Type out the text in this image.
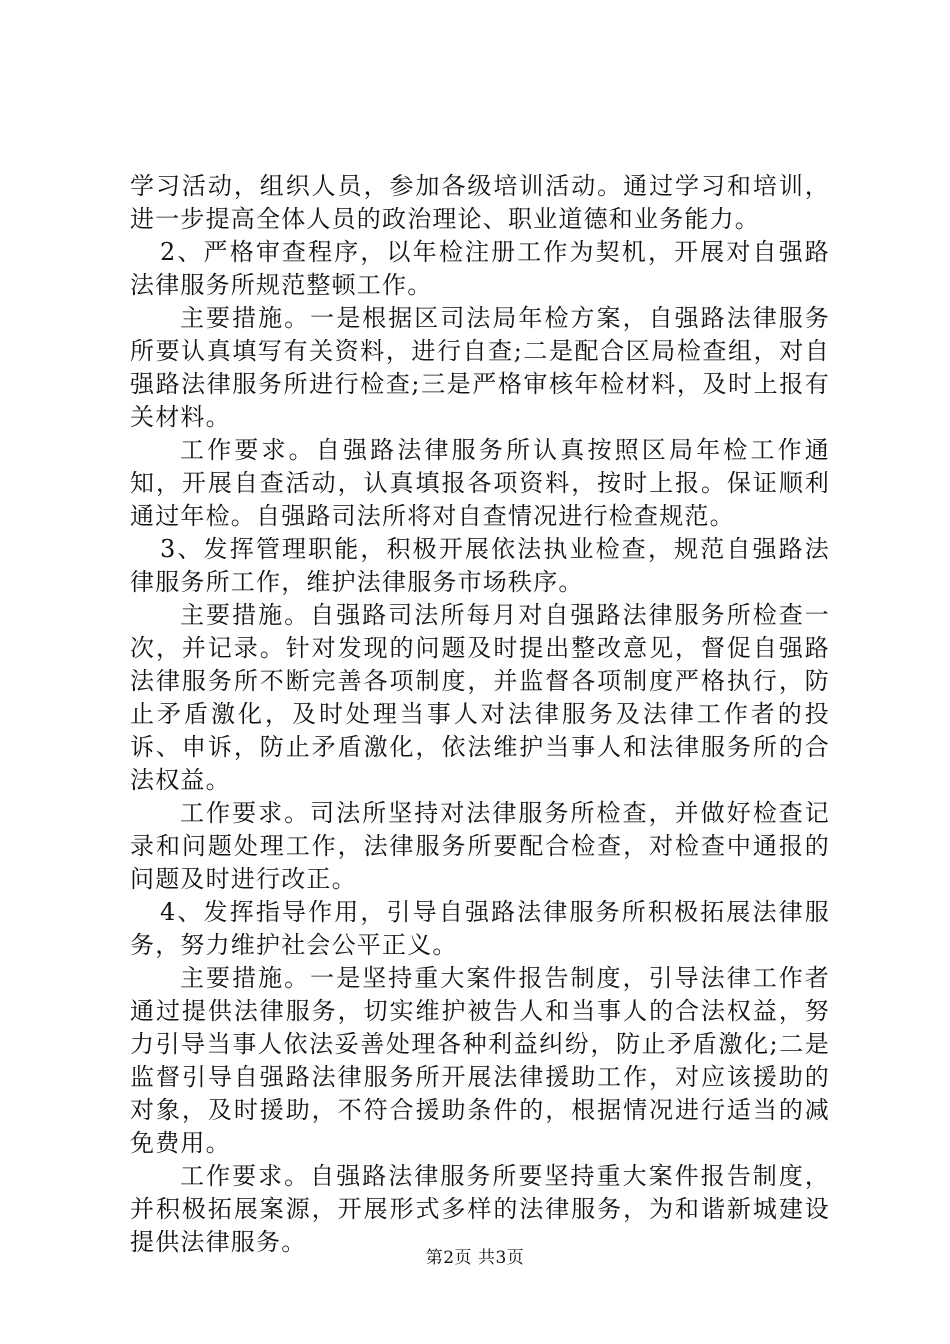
学习活动，组织人员，参加各级培训活动。通过学习和培训，进一步提高全体人员的政治理论、职业道德和业务能力。

2、严格审查程序，以年检注册工作为契机，开展对自强路法律服务所规范整顿工作。

主要措施。一是根据区司法局年检方案，自强路法律服务所要认真填写有关资料，进行自查;二是配合区局检查组，对自强路法律服务所进行检查;三是严格审核年检材料，及时上报有关材料。

工作要求。自强路法律服务所认真按照区局年检工作通知，开展自查活动，认真填报各项资料，按时上报。保证顺利通过年检。自强路司法所将对自查情况进行检查规范。

3、发挥管理职能，积极开展依法执业检查，规范自强路法律服务所工作，维护法律服务市场秩序。

主要措施。自强路司法所每月对自强路法律服务所检查一次，并记录。针对发现的问题及时提出整改意见，督促自强路法律服务所不断完善各项制度，并监督各项制度严格执行，防止矛盾激化，及时处理当事人对法律服务及法律工作者的投诉、申诉，防止矛盾激化，依法维护当事人和法律服务所的合法权益。

工作要求。司法所坚持对法律服务所检查，并做好检查记录和问题处理工作，法律服务所要配合检查，对检查中通报的问题及时进行改正。

4、发挥指导作用，引导自强路法律服务所积极拓展法律服务，努力维护社会公平正义。

主要措施。一是坚持重大案件报告制度，引导法律工作者通过提供法律服务，切实维护被告人和当事人的合法权益，努力引导当事人依法妥善处理各种利益纠纷，防止矛盾激化;二是监督引导自强路法律服务所开展法律援助工作，对应该援助的对象，及时援助，不符合援助条件的，根据情况进行适当的减免费用。

工作要求。自强路法律服务所要坚持重大案件报告制度，并积极拓展案源，开展形式多样的法律服务，为和谐新城建设提供法律服务。

第2页 共3页
